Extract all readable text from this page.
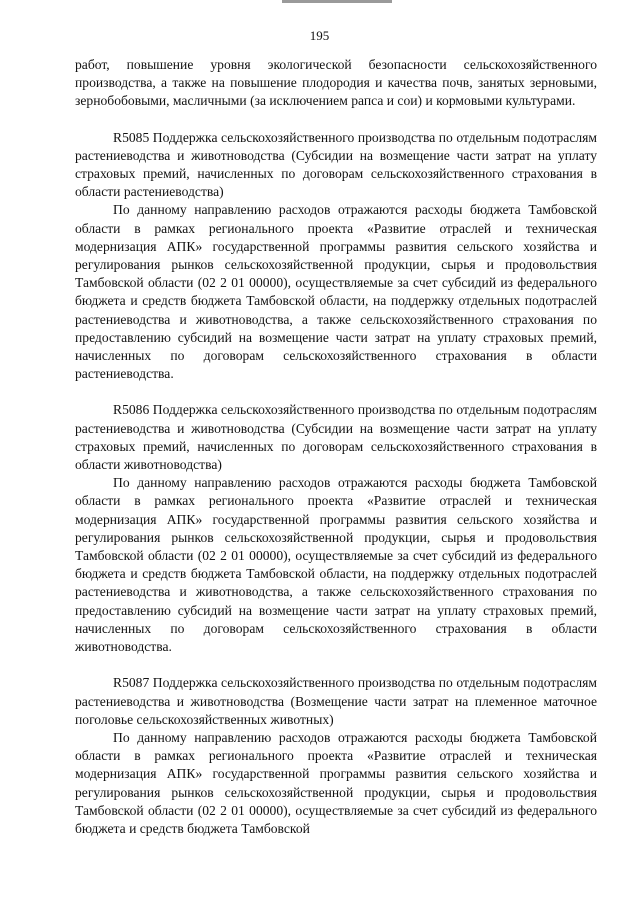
195

работ, повышение уровня экологической безопасности сельскохозяйственного производства, а также на повышение плодородия и качества почв, занятых зерновыми, зернобобовыми, масличными (за исключением рапса и сои) и кормовыми культурами.

R5085 Поддержка сельскохозяйственного производства по отдельным подотраслям растениеводства и животноводства (Субсидии на возмещение части затрат на уплату страховых премий, начисленных по договорам сельскохозяйственного страхования в области растениеводства)

По данному направлению расходов отражаются расходы бюджета Тамбовской области в рамках регионального проекта «Развитие отраслей и техническая модернизация АПК» государственной программы развития сельского хозяйства и регулирования рынков сельскохозяйственной продукции, сырья и продовольствия Тамбовской области (02 2 01 00000), осуществляемые за счет субсидий из федерального бюджета и средств бюджета Тамбовской области, на поддержку отдельных подотраслей растениеводства и животноводства, а также сельскохозяйственного страхования по предоставлению субсидий на возмещение части затрат на уплату страховых премий, начисленных по договорам сельскохозяйственного страхования в области растениеводства.

R5086 Поддержка сельскохозяйственного производства по отдельным подотраслям растениеводства и животноводства (Субсидии на возмещение части затрат на уплату страховых премий, начисленных по договорам сельскохозяйственного страхования в области животноводства)

По данному направлению расходов отражаются расходы бюджета Тамбовской области в рамках регионального проекта «Развитие отраслей и техническая модернизация АПК» государственной программы развития сельского хозяйства и регулирования рынков сельскохозяйственной продукции, сырья и продовольствия Тамбовской области (02 2 01 00000), осуществляемые за счет субсидий из федерального бюджета и средств бюджета Тамбовской области, на поддержку отдельных подотраслей растениеводства и животноводства, а также сельскохозяйственного страхования по предоставлению субсидий на возмещение части затрат на уплату страховых премий, начисленных по договорам сельскохозяйственного страхования в области животноводства.

R5087 Поддержка сельскохозяйственного производства по отдельным подотраслям растениеводства и животноводства (Возмещение части затрат на племенное маточное поголовье сельскохозяйственных животных)

По данному направлению расходов отражаются расходы бюджета Тамбовской области в рамках регионального проекта «Развитие отраслей и техническая модернизация АПК» государственной программы развития сельского хозяйства и регулирования рынков сельскохозяйственной продукции, сырья и продовольствия Тамбовской области (02 2 01 00000), осуществляемые за счет субсидий из федерального бюджета и средств бюджета Тамбовской
